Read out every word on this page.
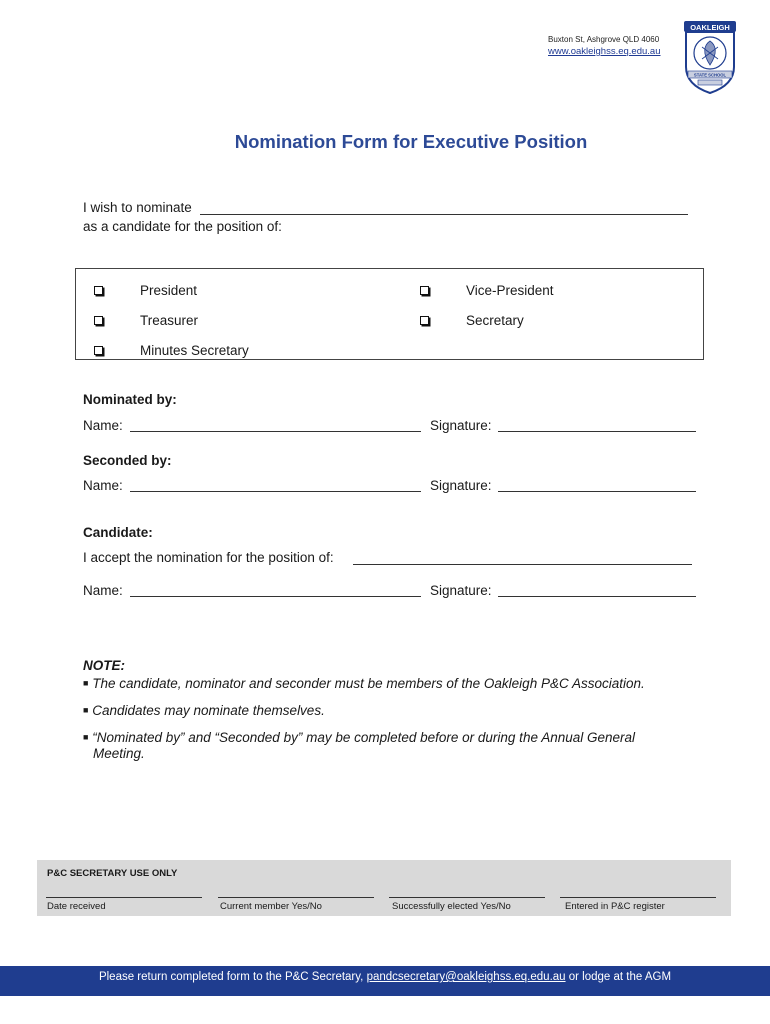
Buxton St, Ashgrove QLD 4060
www.oakleighss.eq.edu.au
OAKLEIGH
STATE SCHOOL
Nomination Form for Executive Position
I wish to nominate
as a candidate for the position of:
President	Vice-President
Treasurer	Secretary
Minutes Secretary
Nominated by:
Name:	Signature:
Seconded by:
Name:	Signature:
Candidate:
I accept the nomination for the position of:
Name:	Signature:
NOTE:
■ The candidate, nominator and seconder must be members of the Oakleigh P&C Association.
■ Candidates may nominate themselves.
■ “Nominated by” and “Seconded by” may be completed before or during the Annual General
Meeting.
P&C SECRETARY USE ONLY
Date received	Current member Yes/No	Successfully elected Yes/No	Entered in P&C register
Please return completed form to the P&C Secretary, pandcsecretary@oakleighss.eq.edu.au or lodge at the AGM
